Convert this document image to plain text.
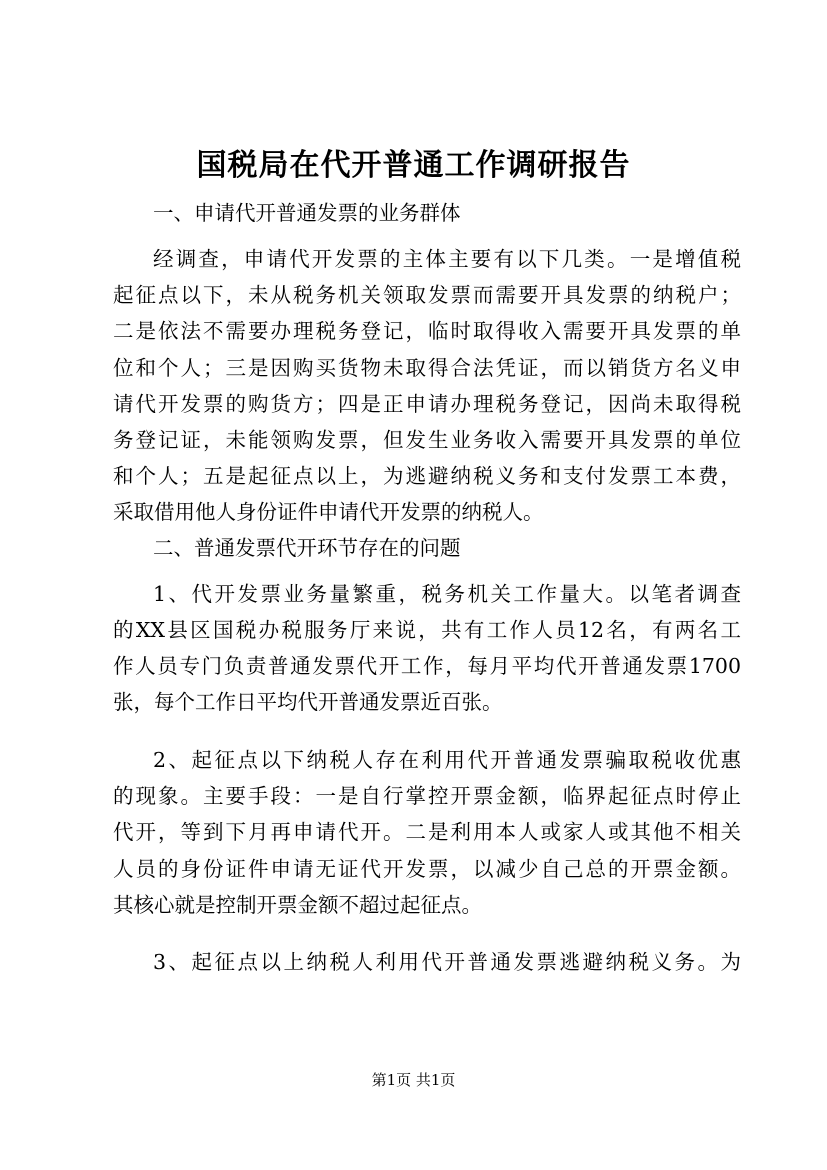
国税局在代开普通工作调研报告
一、申请代开普通发票的业务群体
经调查，申请代开发票的主体主要有以下几类。一是增值税
起征点以下，未从税务机关领取发票而需要开具发票的纳税户；
二是依法不需要办理税务登记，临时取得收入需要开具发票的单
位和个人；三是因购买货物未取得合法凭证，而以销货方名义申
请代开发票的购货方；四是正申请办理税务登记，因尚未取得税
务登记证，未能领购发票，但发生业务收入需要开具发票的单位
和个人；五是起征点以上，为逃避纳税义务和支付发票工本费，
采取借用他人身份证件申请代开发票的纳税人。
二、普通发票代开环节存在的问题
1、代开发票业务量繁重，税务机关工作量大。以笔者调查
的XX县区国税办税服务厅来说，共有工作人员12名，有两名工
作人员专门负责普通发票代开工作，每月平均代开普通发票1700
张，每个工作日平均代开普通发票近百张。
2、起征点以下纳税人存在利用代开普通发票骗取税收优惠
的现象。主要手段：一是自行掌控开票金额，临界起征点时停止
代开，等到下月再申请代开。二是利用本人或家人或其他不相关
人员的身份证件申请无证代开发票，以减少自己总的开票金额。
其核心就是控制开票金额不超过起征点。
3、起征点以上纳税人利用代开普通发票逃避纳税义务。为
第1页 共1页
